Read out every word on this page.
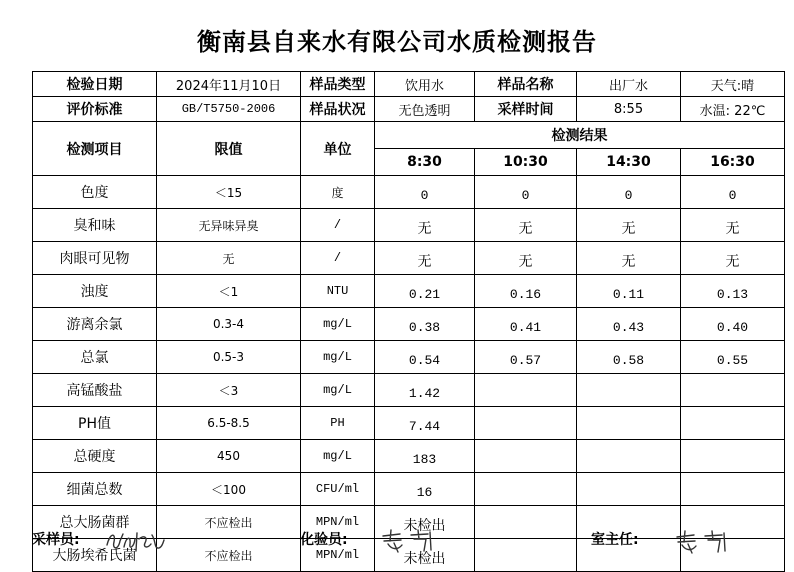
衡南县自来水有限公司水质检测报告
检验日期	2024年11月10日	样品类型	饮用水	样品名称	出厂水	天气:晴
评价标准	GB/T5750-2006	样品状况	无色透明	采样时间	8:55	水温: 22℃
检测项目	限值	单位	检测结果			
			8:30	10:30	14:30	16:30
色度	＜15	度	0	0	0	0
臭和味	无异味异臭	/	无	无	无	无
肉眼可见物	无	/	无	无	无	无
浊度	＜1	NTU	0.21	0.16	0.11	0.13
游离余氯	0.3-4	mg/L	0.38	0.41	0.43	0.40
总氯	0.5-3	mg/L	0.54	0.57	0.58	0.55
高锰酸盐	＜3	mg/L	1.42			
PH值	6.5-8.5	PH	7.44			
总硬度	450	mg/L	183			
细菌总数	＜100	CFU/ml	16			
总大肠菌群	不应检出	MPN/ml	未检出			
大肠埃希氏菌	不应检出	MPN/ml	未检出			
采样员:	化验员:	室主任:
